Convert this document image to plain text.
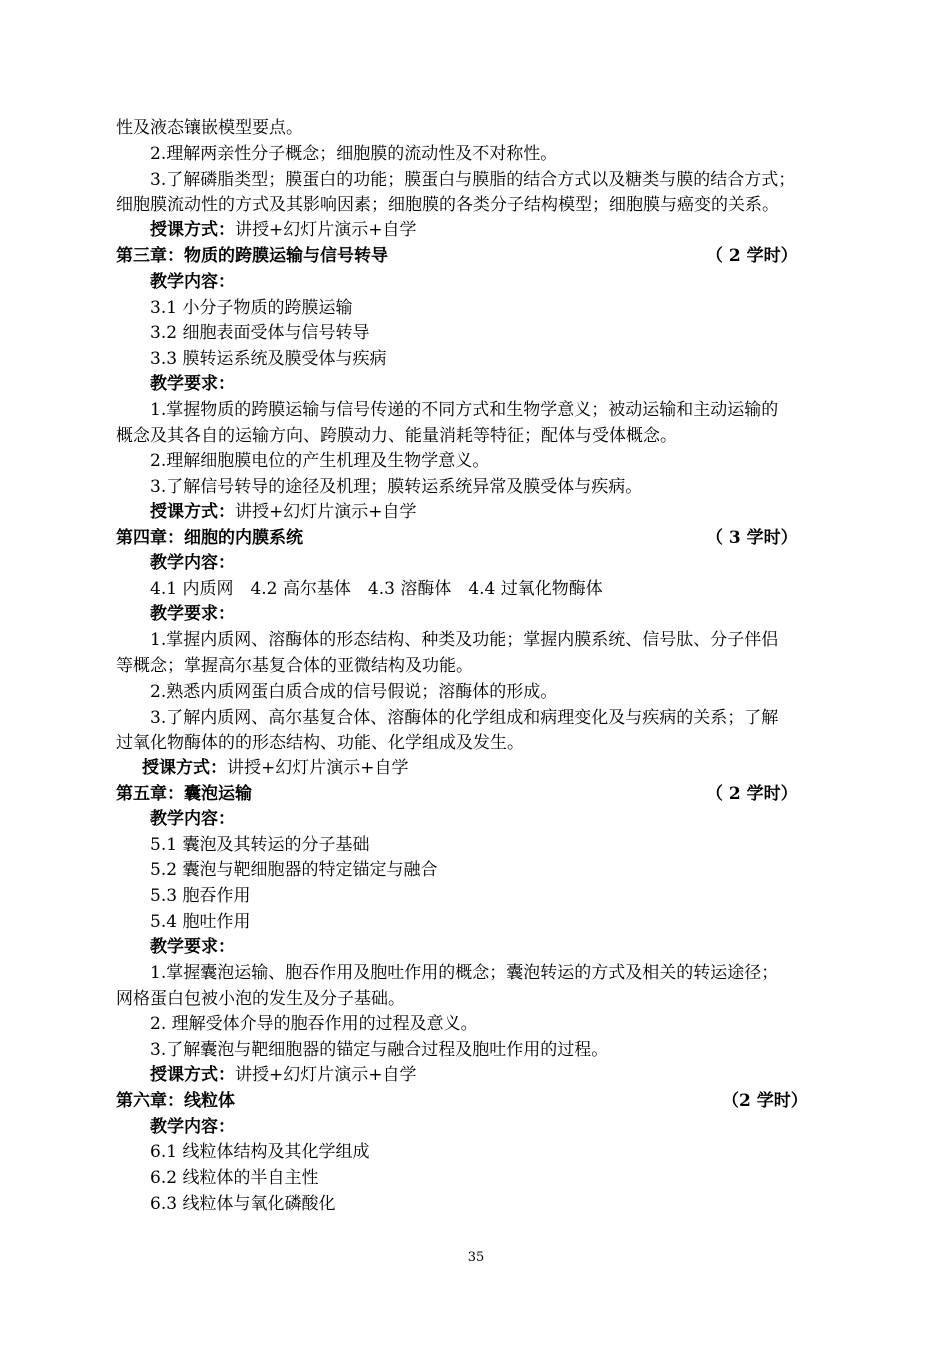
性及液态镶嵌模型要点。
2.理解两亲性分子概念；细胞膜的流动性及不对称性。
3.了解磷脂类型；膜蛋白的功能；膜蛋白与膜脂的结合方式以及糖类与膜的结合方式；
细胞膜流动性的方式及其影响因素；细胞膜的各类分子结构模型；细胞膜与癌变的关系。
授课方式：讲授+幻灯片演示+自学
第三章：物质的跨膜运输与信号转导	（ 2 学时）
教学内容：
3.1 小分子物质的跨膜运输
3.2 细胞表面受体与信号转导
3.3 膜转运系统及膜受体与疾病
教学要求：
1.掌握物质的跨膜运输与信号传递的不同方式和生物学意义；被动运输和主动运输的
概念及其各自的运输方向、跨膜动力、能量消耗等特征；配体与受体概念。
2.理解细胞膜电位的产生机理及生物学意义。
3.了解信号转导的途径及机理；膜转运系统异常及膜受体与疾病。
授课方式：讲授+幻灯片演示+自学
第四章：细胞的内膜系统	（ 3 学时）
教学内容：
4.1 内质网　4.2 高尔基体　4.3 溶酶体　4.4 过氧化物酶体
教学要求：
1.掌握内质网、溶酶体的形态结构、种类及功能；掌握内膜系统、信号肽、分子伴侣
等概念；掌握高尔基复合体的亚微结构及功能。
2.熟悉内质网蛋白质合成的信号假说；溶酶体的形成。
3.了解内质网、高尔基复合体、溶酶体的化学组成和病理变化及与疾病的关系；了解
过氧化物酶体的的形态结构、功能、化学组成及发生。
授课方式：讲授+幻灯片演示+自学
第五章：囊泡运输	（ 2 学时）
教学内容：
5.1 囊泡及其转运的分子基础
5.2 囊泡与靶细胞器的特定锚定与融合
5.3 胞吞作用
5.4 胞吐作用
教学要求：
1.掌握囊泡运输、胞吞作用及胞吐作用的概念；囊泡转运的方式及相关的转运途径；
网格蛋白包被小泡的发生及分子基础。
2. 理解受体介导的胞吞作用的过程及意义。
3.了解囊泡与靶细胞器的锚定与融合过程及胞吐作用的过程。
授课方式：讲授+幻灯片演示+自学
第六章：线粒体	（2 学时）
教学内容：
6.1 线粒体结构及其化学组成
6.2 线粒体的半自主性
6.3 线粒体与氧化磷酸化
35
